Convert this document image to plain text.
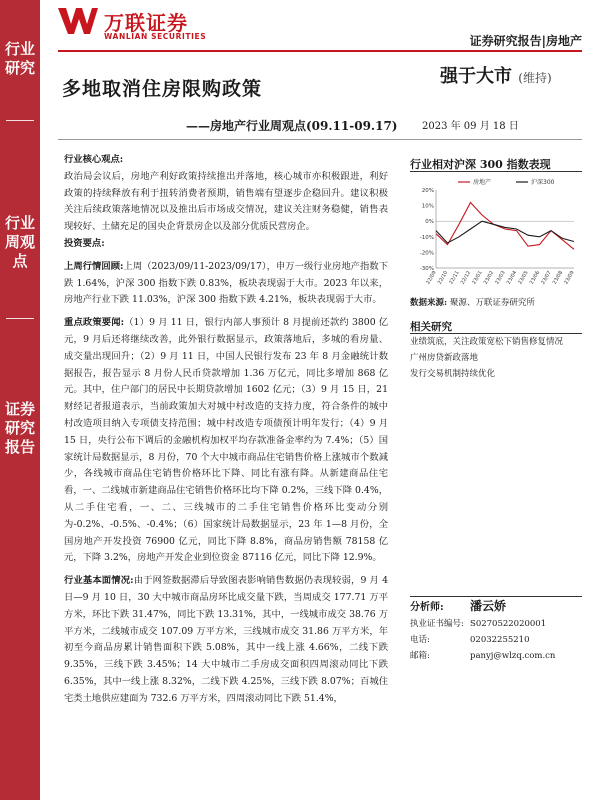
行业研究
行业周观点
证券研究报告
万联证券
WANLIAN SECURITIES	证券研究报告|房地产
多地取消住房限购政策
——房地产行业周观点(09.11-09.17) 2023 年 09 月 18 日
强于大市 (维持)

行业核心观点:

政治局会议后，房地产利好政策持续推出并落地，核心城市亦积极跟进，利好政策的持续释放有利于扭转消费者预期，销售端有望逐步企稳回升。建议积极关注后续政策落地情况以及推出后市场成交情况，建议关注财务稳健，销售表现较好、土储充足的国央企背景房企以及部分优质民营房企。

投资要点:

上周行情回顾:上周（2023/09/11-2023/09/17），申万一级行业房地产指数下跌 1.64%，沪深 300 指数下跌 0.83%，板块表现弱于大市。2023 年以来，房地产行业下跌 11.03%，沪深 300 指数下跌 4.21%，板块表现弱于大市。

重点政策要闻:（1）9 月 11 日，银行内部人事预计 8 月提前还款约 3800 亿元，9 月后还将继续改善，此外银行数据显示，政策落地后，多城的看房量、成交量出现回升；（2）9 月 11 日，中国人民银行发布 23 年 8 月金融统计数据报告，报告显示 8 月份人民币贷款增加 1.36 万亿元，同比多增加 868 亿元。其中，住户部门的居民中长期贷款增加 1602 亿元；（3）9 月 15 日，21 财经记者报道表示，当前政策加大对城中村改造的支持力度，符合条件的城中村改造项目纳入专项债支持范围；城中村改造专项债预计明年发行；（4）9 月 15 日，央行公布下调后的金融机构加权平均存款准备金率约为 7.4%；（5）国家统计局数据显示，8 月份，70 个大中城市商品住宅销售价格上涨城市个数减少，各线城市商品住宅销售价格环比下降、同比有涨有降。从新建商品住宅看，一、二线城市新建商品住宅销售价格环比均下降 0.2%，三线下降 0.4%，从二手住宅看，一、二、三线城市的二手住宅销售价格环比变动分别为-0.2%、-0.5%、-0.4%；（6）国家统计局数据显示，23 年 1—8 月份，全国房地产开发投资 76900 亿元，同比下降 8.8%，商品房销售额 78158 亿元，下降 3.2%，房地产开发企业到位资金 87116 亿元，同比下降 12.9%。

行业基本面情况:由于网签数据滞后导致图表影响销售数据仍表现较弱，9 月 4 日—9 月 10 日，30 大中城市商品房环比成交量下跌，当周成交 177.71 万平方米，环比下跌 31.47%，同比下跌 13.31%，其中，一线城市成交 38.76 万平方米，二线城市成交 107.09 万平方米，三线城市成交 31.86 万平方米，年初至今商品房累计销售面积下跌 5.08%，其中一线上涨 4.66%，二线下跌 9.35%，三线下跌 3.45%；14 大中城市二手房成交面积四周滚动同比下跌 6.35%，其中一线上涨 8.32%，二线下跌 4.25%，三线下跌 8.07%；百城住宅类土地供应建面为 732.6 万平方米，四周滚动同比下跌 51.4%，

行业相对沪深 300 指数表现
20%
10%
0%
-10%
-20%
-30%
22/09 22/10 22/11 22/12 23/01 23/02 23/03 23/04 23/05 23/06 23/07 23/08 23/09
房地产	沪深300
数据来源: 聚源、万联证券研究所
相关研究
业绩筑底，关注政策宽松下销售修复情况
广州房贷新政落地
发行交易机制持续优化
分析师: 潘云娇
执业证书编号: S0270522020001
电话:	02032255210
邮箱:	panyj@wlzq.com.cn
